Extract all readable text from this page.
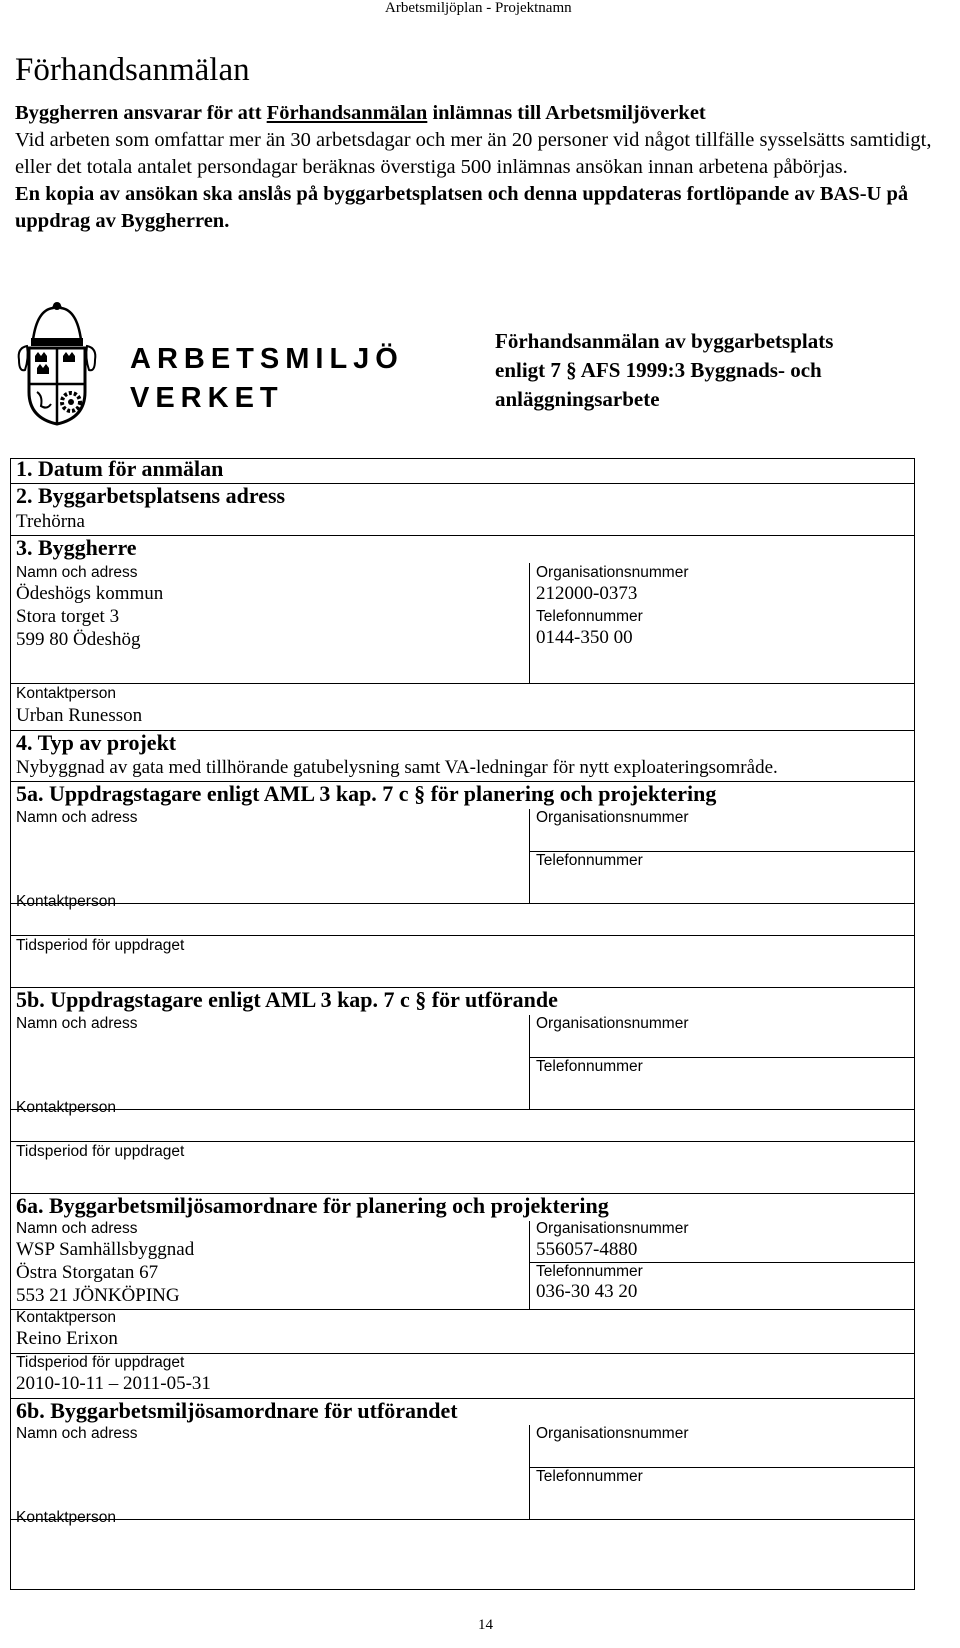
Arbetsmiljöplan - Projektnamn
Förhandsanmälan

Byggherren ansvarar för att Förhandsanmälan inlämnas till Arbetsmiljöverket

Vid arbeten som omfattar mer än 30 arbetsdagar och mer än 20 personer vid något tillfälle sysselsätts samtidigt, eller det totala antalet persondagar beräknas överstiga 500 inlämnas ansökan innan arbetena påbörjas.

En kopia av ansökan ska anslås på byggarbetsplatsen och denna uppdateras fortlöpande av BAS-U på uppdrag av Byggherren.

ARBETSMILJÖ
VERKET
Förhandsanmälan av byggarbetsplats
enligt 7 § AFS 1999:3 Byggnads- och
anläggningsarbete
1. Datum för anmälan
2. Byggarbetsplatsens adress
Trehörna
3. Byggherre
Namn och adress
Ödeshögs kommun
Stora torget 3
599 80 Ödeshög
Organisationsnummer
212000-0373
Telefonnummer
0144-350 00
Kontaktperson
Urban Runesson
4. Typ av projekt
Nybyggnad av gata med tillhörande gatubelysning samt VA-ledningar för nytt exploateringsområde.
5a. Uppdragstagare enligt AML 3 kap. 7 c § för planering och projektering
Namn och adress	Organisationsnummer
Telefonnummer
Kontaktperson
Tidsperiod för uppdraget
5b. Uppdragstagare enligt AML 3 kap. 7 c § för utförande
Namn och adress	Organisationsnummer
Telefonnummer
Kontaktperson
Tidsperiod för uppdraget
6a. Byggarbetsmiljösamordnare för planering och projektering
Namn och adress
WSP Samhällsbyggnad
Östra Storgatan 67
553 21 JÖNKÖPING
Organisationsnummer
556057-4880
Telefonnummer
036-30 43 20
Kontaktperson
Reino Erixon
Tidsperiod för uppdraget
2010-10-11 – 2011-05-31
6b. Byggarbetsmiljösamordnare för utförandet
Namn och adress	Organisationsnummer
Telefonnummer
Kontaktperson
14
